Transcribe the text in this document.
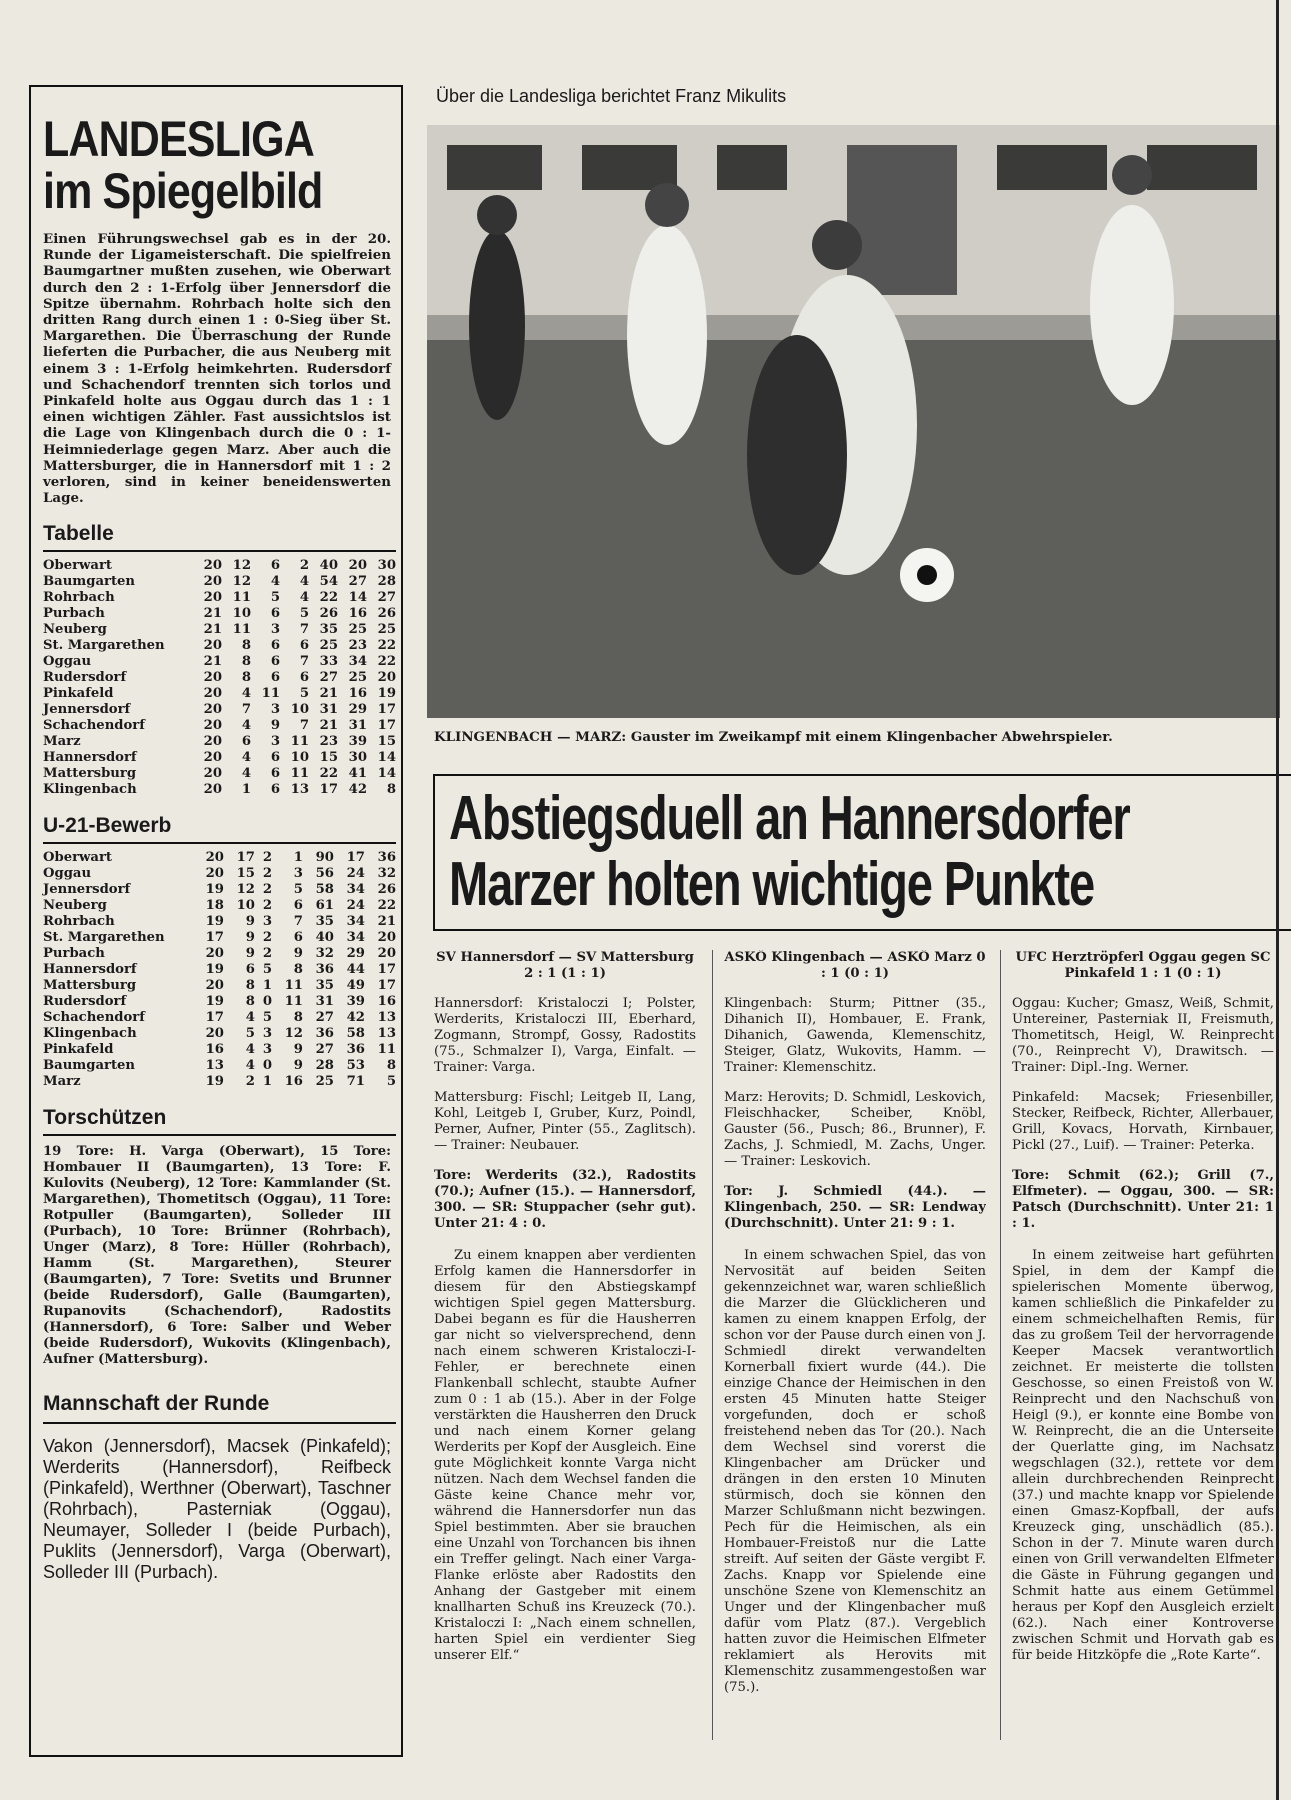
LANDESLIGA
im Spiegelbild
Einen Führungswechsel gab es in der 20. Runde der Ligameisterschaft. Die spielfreien Baumgartner mußten zusehen, wie Oberwart durch den 2 : 1-Erfolg über Jennersdorf die Spitze übernahm. Rohrbach holte sich den dritten Rang durch einen 1 : 0-Sieg über St. Margarethen. Die Überraschung der Runde lieferten die Purbacher, die aus Neuberg mit einem 3 : 1-Erfolg heimkehrten. Rudersdorf und Schachendorf trennten sich torlos und Pinkafeld holte aus Oggau durch das 1 : 1 einen wichtigen Zähler. Fast aussichtslos ist die Lage von Klingenbach durch die 0 : 1-Heimniederlage gegen Marz. Aber auch die Mattersburger, die in Hannersdorf mit 1 : 2 verloren, sind in keiner beneidenswerten Lage.
Tabelle
Oberwart	20	12	6	2	40	20	30
Baumgarten	20	12	4	4	54	27	28
Rohrbach	20	11	5	4	22	14	27
Purbach	21	10	6	5	26	16	26
Neuberg	21	11	3	7	35	25	25
St. Margarethen	20	8	6	6	25	23	22
Oggau	21	8	6	7	33	34	22
Rudersdorf	20	8	6	6	27	25	20
Pinkafeld	20	4	11	5	21	16	19
Jennersdorf	20	7	3	10	31	29	17
Schachendorf	20	4	9	7	21	31	17
Marz	20	6	3	11	23	39	15
Hannersdorf	20	4	6	10	15	30	14
Mattersburg	20	4	6	11	22	41	14
Klingenbach	20	1	6	13	17	42	8
U-21-Bewerb
Oberwart	20	17	2	1	90	17	36
Oggau	20	15	2	3	56	24	32
Jennersdorf	19	12	2	5	58	34	26
Neuberg	18	10	2	6	61	24	22
Rohrbach	19	9	3	7	35	34	21
St. Margarethen	17	9	2	6	40	34	20
Purbach	20	9	2	9	32	29	20
Hannersdorf	19	6	5	8	36	44	17
Mattersburg	20	8	1	11	35	49	17
Rudersdorf	19	8	0	11	31	39	16
Schachendorf	17	4	5	8	27	42	13
Klingenbach	20	5	3	12	36	58	13
Pinkafeld	16	4	3	9	27	36	11
Baumgarten	13	4	0	9	28	53	8
Marz	19	2	1	16	25	71	5
Torschützen
19 Tore: H. Varga (Oberwart), 15 Tore: Hombauer II (Baumgarten), 13 Tore: F. Kulovits (Neuberg), 12 Tore: Kammlander (St. Margarethen), Thometitsch (Oggau), 11 Tore: Rotpuller (Baumgarten), Solleder III (Purbach), 10 Tore: Brünner (Rohrbach), Unger (Marz), 8 Tore: Hüller (Rohrbach), Hamm (St. Margarethen), Steurer (Baumgarten), 7 Tore: Svetits und Brunner (beide Rudersdorf), Galle (Baumgarten), Rupanovits (Schachendorf), Radostits (Hannersdorf), 6 Tore: Salber und Weber (beide Rudersdorf), Wukovits (Klingenbach), Aufner (Mattersburg).
Mannschaft der Runde
Vakon (Jennersdorf), Macsek (Pinkafeld); Werderits (Hannersdorf), Reifbeck (Pinkafeld), Werthner (Oberwart), Taschner (Rohrbach), Pasterniak (Oggau), Neumayer, Solleder I (beide Purbach), Puklits (Jennersdorf), Varga (Oberwart), Solleder III (Purbach).
Über die Landesliga berichtet Franz Mikulits
KLINGENBACH — MARZ: Gauster im Zweikampf mit einem Klingenbacher Abwehrspieler.
Abstiegsduell an Hannersdorfer
Marzer holten wichtige Punkte
SV Hannersdorf — SV Mattersburg 2 : 1 (1 : 1)

Hannersdorf: Kristaloczi I; Polster, Werderits, Kristaloczi III, Eberhard, Zogmann, Strompf, Gossy, Radostits (75., Schmalzer I), Varga, Einfalt. — Trainer: Varga.

Mattersburg: Fischl; Leitgeb II, Lang, Kohl, Leitgeb I, Gruber, Kurz, Poindl, Perner, Aufner, Pinter (55., Zaglitsch). — Trainer: Neubauer.

Tore: Werderits (32.), Radostits (70.); Aufner (15.). — Hannersdorf, 300. — SR: Stuppacher (sehr gut). Unter 21: 4 : 0.

Zu einem knappen aber verdienten Erfolg kamen die Hannersdorfer in diesem für den Abstiegskampf wichtigen Spiel gegen Mattersburg. Dabei begann es für die Hausherren gar nicht so vielversprechend, denn nach einem schweren Kristaloczi-I-Fehler, er berechnete einen Flankenball schlecht, staubte Aufner zum 0 : 1 ab (15.). Aber in der Folge verstärkten die Hausherren den Druck und nach einem Korner gelang Werderits per Kopf der Ausgleich. Eine gute Möglichkeit konnte Varga nicht nützen. Nach dem Wechsel fanden die Gäste keine Chance mehr vor, während die Hannersdorfer nun das Spiel bestimmten. Aber sie brauchen eine Unzahl von Torchancen bis ihnen ein Treffer gelingt. Nach einer Varga-Flanke erlöste aber Radostits den Anhang der Gastgeber mit einem knallharten Schuß ins Kreuzeck (70.). Kristaloczi I: „Nach einem schnellen, harten Spiel ein verdienter Sieg unserer Elf.“

ASKÖ Klingenbach — ASKÖ Marz 0 : 1 (0 : 1)

Klingenbach: Sturm; Pittner (35., Dihanich II), Hombauer, E. Frank, Dihanich, Gawenda, Klemenschitz, Steiger, Glatz, Wukovits, Hamm. — Trainer: Klemenschitz.

Marz: Herovits; D. Schmidl, Leskovich, Fleischhacker, Scheiber, Knöbl, Gauster (56., Pusch; 86., Brunner), F. Zachs, J. Schmiedl, M. Zachs, Unger. — Trainer: Leskovich.

Tor: J. Schmiedl (44.). — Klingenbach, 250. — SR: Lendway (Durchschnitt). Unter 21: 9 : 1.

In einem schwachen Spiel, das von Nervosität auf beiden Seiten gekennzeichnet war, waren schließlich die Marzer die Glücklicheren und kamen zu einem knappen Erfolg, der schon vor der Pause durch einen von J. Schmiedl direkt verwandelten Kornerball fixiert wurde (44.). Die einzige Chance der Heimischen in den ersten 45 Minuten hatte Steiger vorgefunden, doch er schoß freistehend neben das Tor (20.). Nach dem Wechsel sind vorerst die Klingenbacher am Drücker und drängen in den ersten 10 Minuten stürmisch, doch sie können den Marzer Schlußmann nicht bezwingen. Pech für die Heimischen, als ein Hombauer-Freistoß nur die Latte streift. Auf seiten der Gäste vergibt F. Zachs. Knapp vor Spielende eine unschöne Szene von Klemenschitz an Unger und der Klingenbacher muß dafür vom Platz (87.). Vergeblich hatten zuvor die Heimischen Elfmeter reklamiert als Herovits mit Klemenschitz zusammengestoßen war (75.).

UFC Herztröpferl Oggau gegen SC Pinkafeld 1 : 1 (0 : 1)

Oggau: Kucher; Gmasz, Weiß, Schmit, Untereiner, Pasterniak II, Freismuth, Thometitsch, Heigl, W. Reinprecht (70., Reinprecht V), Drawitsch. — Trainer: Dipl.-Ing. Werner.

Pinkafeld: Macsek; Friesenbiller, Stecker, Reifbeck, Richter, Allerbauer, Grill, Kovacs, Horvath, Kirnbauer, Pickl (27., Luif). — Trainer: Peterka.

Tore: Schmit (62.); Grill (7., Elfmeter). — Oggau, 300. — SR: Patsch (Durchschnitt). Unter 21: 1 : 1.

In einem zeitweise hart geführten Spiel, in dem der Kampf die spielerischen Momente überwog, kamen schließlich die Pinkafelder zu einem schmeichelhaften Remis, für das zu großem Teil der hervorragende Keeper Macsek verantwortlich zeichnet. Er meisterte die tollsten Geschosse, so einen Freistoß von W. Reinprecht und den Nachschuß von Heigl (9.), er konnte eine Bombe von W. Reinprecht, die an die Unterseite der Querlatte ging, im Nachsatz wegschlagen (32.), rettete vor dem allein durchbrechenden Reinprecht (37.) und machte knapp vor Spielende einen Gmasz-Kopfball, der aufs Kreuzeck ging, unschädlich (85.). Schon in der 7. Minute waren durch einen von Grill verwandelten Elfmeter die Gäste in Führung gegangen und Schmit hatte aus einem Getümmel heraus per Kopf den Ausgleich erzielt (62.). Nach einer Kontroverse zwischen Schmit und Horvath gab es für beide Hitzköpfe die „Rote Karte“.
